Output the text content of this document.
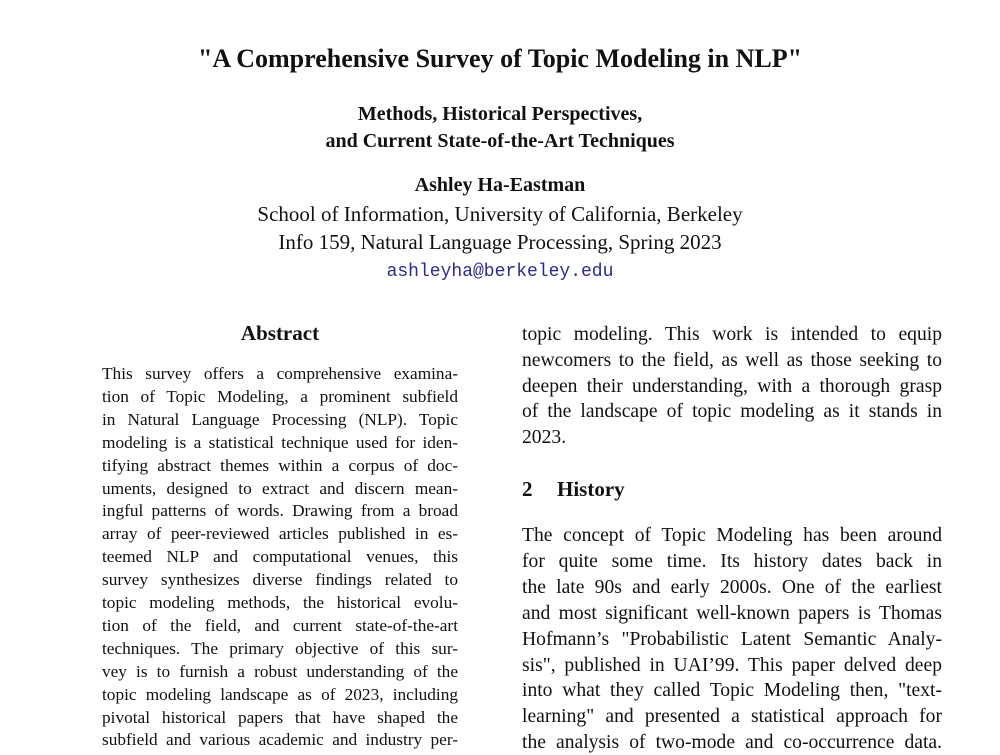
"A Comprehensive Survey of Topic Modeling in NLP"
Methods, Historical Perspectives,
and Current State-of-the-Art Techniques
Ashley Ha-Eastman
School of Information, University of California, Berkeley
Info 159, Natural Language Processing, Spring 2023
ashleyha@berkeley.edu
Abstract
This survey offers a comprehensive examina-
tion of Topic Modeling, a prominent subfield
in Natural Language Processing (NLP). Topic
modeling is a statistical technique used for iden-
tifying abstract themes within a corpus of doc-
uments, designed to extract and discern mean-
ingful patterns of words. Drawing from a broad
array of peer-reviewed articles published in es-
teemed NLP and computational venues, this
survey synthesizes diverse findings related to
topic modeling methods, the historical evolu-
tion of the field, and current state-of-the-art
techniques. The primary objective of this sur-
vey is to furnish a robust understanding of the
topic modeling landscape as of 2023, including
pivotal historical papers that have shaped the
subfield and various academic and industry per-
topic modeling. This work is intended to equip
newcomers to the field, as well as those seeking to
deepen their understanding, with a thorough grasp
of the landscape of topic modeling as it stands in
2023.
2 History
The concept of Topic Modeling has been around
for quite some time. Its history dates back in
the late 90s and early 2000s. One of the earliest
and most significant well-known papers is Thomas
Hofmann’s "Probabilistic Latent Semantic Analy-
sis", published in UAI’99. This paper delved deep
into what they called Topic Modeling then, "text-
learning" and presented a statistical approach for
the analysis of two-mode and co-occurrence data.
